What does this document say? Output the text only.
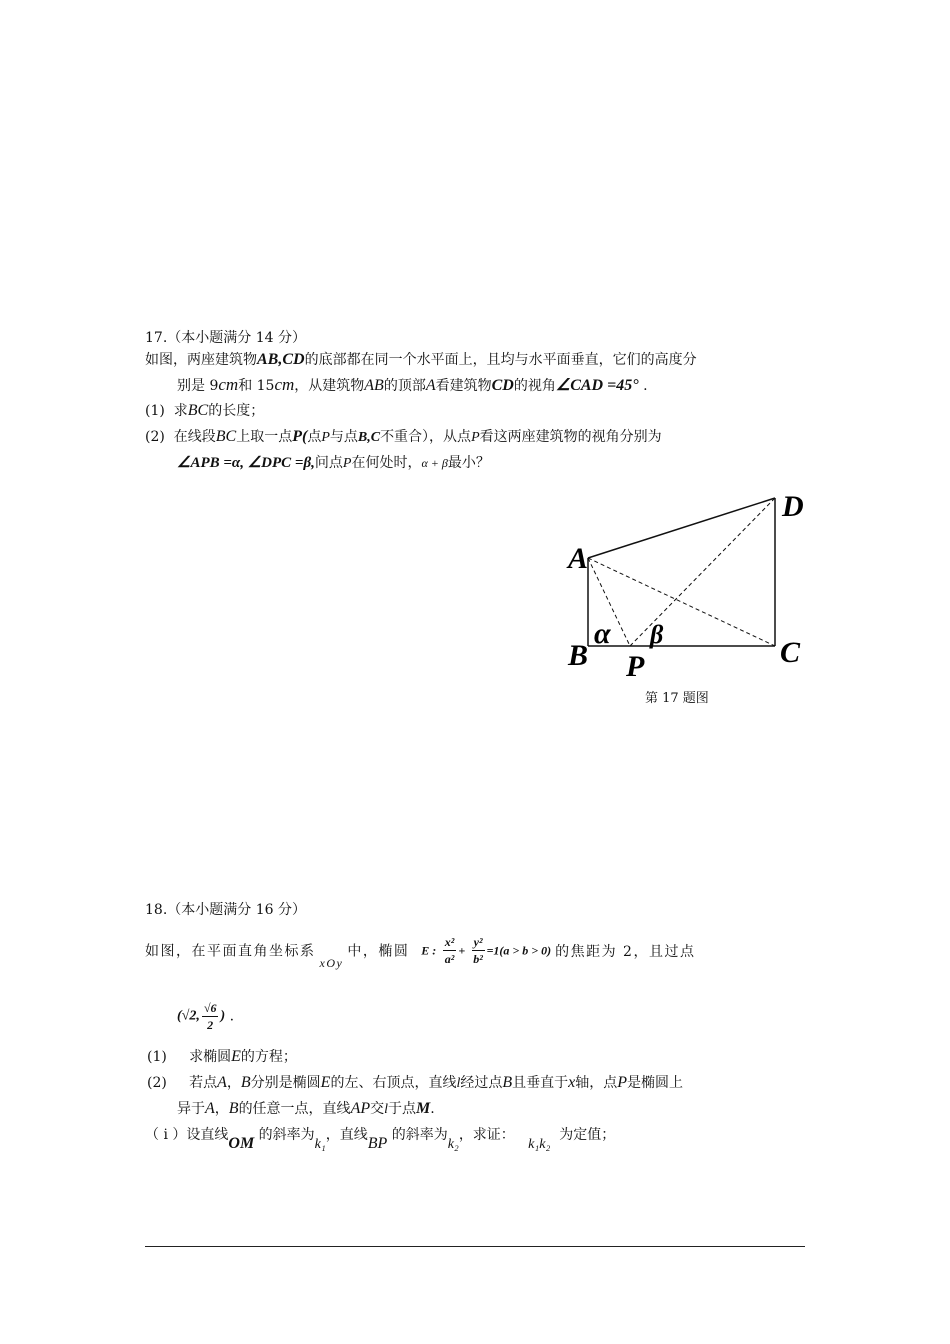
17.（本小题满分 14 分）
如图，两座建筑物AB,CD的底部都在同一个水平面上，且均与水平面垂直，它们的高度分
别是 9cm和 15cm，从建筑物AB的顶部A看建筑物CD的视角∠CAD =45° .
(1) 求BC的长度；
(2) 在线段BC上取一点P(点P与点B,C不重合），从点P看这两座建筑物的视角分别为
∠APB =α, ∠DPC =β,问点P在何处时，α + β最小？
A
B	C
D
P
α β
第 17 题图
18.（本小题满分 16 分）
如图，在平面直角坐标系xOy中，椭圆 E : $\frac{\text{x²}}{\text{a²}} + \frac{\text{y²}}{\text{b²}} =1(a > b > 0)$ 的焦距为 2，且过点
(√2, $\frac{√6}{2}$ ) .
(1) 求椭圆E的方程；
(2) 若点A，B分别是椭圆E的左、右顶点，直线l经过点B且垂直于x轴，点P是椭圆上
异于A，B的任意一点，直线AP交l于点M.
（ i ）设直线OM 的斜率为k₁，直线BP 的斜率为k₂，求证：   k₁k₂  为定值；
